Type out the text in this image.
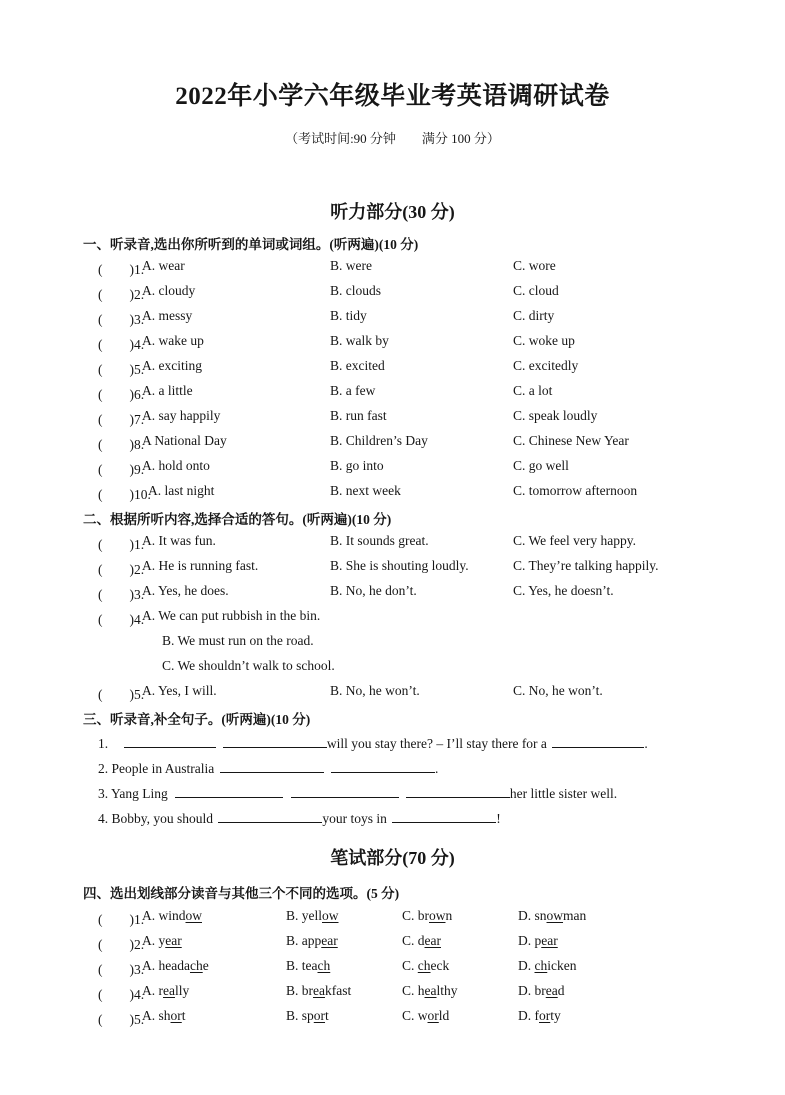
2022年小学六年级毕业考英语调研试卷
（考试时间:90 分钟　　满分 100 分）
听力部分(30 分)
一、听录音,选出你所听到的单词或词组。(听两遍)(10 分)
(　　)1.
A. wear	B. were	C. wore
(　　)2.
A. cloudy	B. clouds	C. cloud
(　　)3.
A. messy	B. tidy	C. dirty
(　　)4.
A. wake up	B. walk by	C. woke up
(　　)5.
A. exciting	B. excited	C. excitedly
(　　)6.
A. a little	B. a few	C. a lot
(　　)7.
A. say happily	B. run fast	C. speak loudly
(　　)8.
A National Day	B. Children’s Day	C. Chinese New Year
(　　)9.
A. hold onto	B. go into	C. go well
(　　)10.
A. last night	B. next week	C. tomorrow afternoon
二、根据所听内容,选择合适的答句。(听两遍)(10 分)
(　　)1.
A. It was fun.	B. It sounds great.	C. We feel very happy.
(　　)2.
A. He is running fast.	B. She is shouting loudly.	C. They’re talking happily.
(　　)3.
A. Yes, he does.	B. No, he don’t.	C. Yes, he doesn’t.
(　　)4.
A. We can put rubbish in the bin.
B. We must run on the road.
C. We shouldn’t walk to school.
(　　)5.
A. Yes, I will.	B. No, he won’t.	C. No, he won’t.
三、听录音,补全句子。(听两遍)(10 分)
1.	will you stay there? – I’ll stay there for a	.
2. People in Australia	.
3. Yang Ling	her little sister well.
4. Bobby, you should	your toys in	!
笔试部分(70 分)
四、选出划线部分读音与其他三个不同的选项。(5 分)
(　　)1.
A. window	B. yellow	C. brown	D. snowman
(　　)2.
A. year	B. appear	C. dear	D. pear
(　　)3.
A. headache	B. teach	C. check	D. chicken
(　　)4.
A. really	B. breakfast	C. healthy	D. bread
(　　)5.
A. short	B. sport	C. world	D. forty
